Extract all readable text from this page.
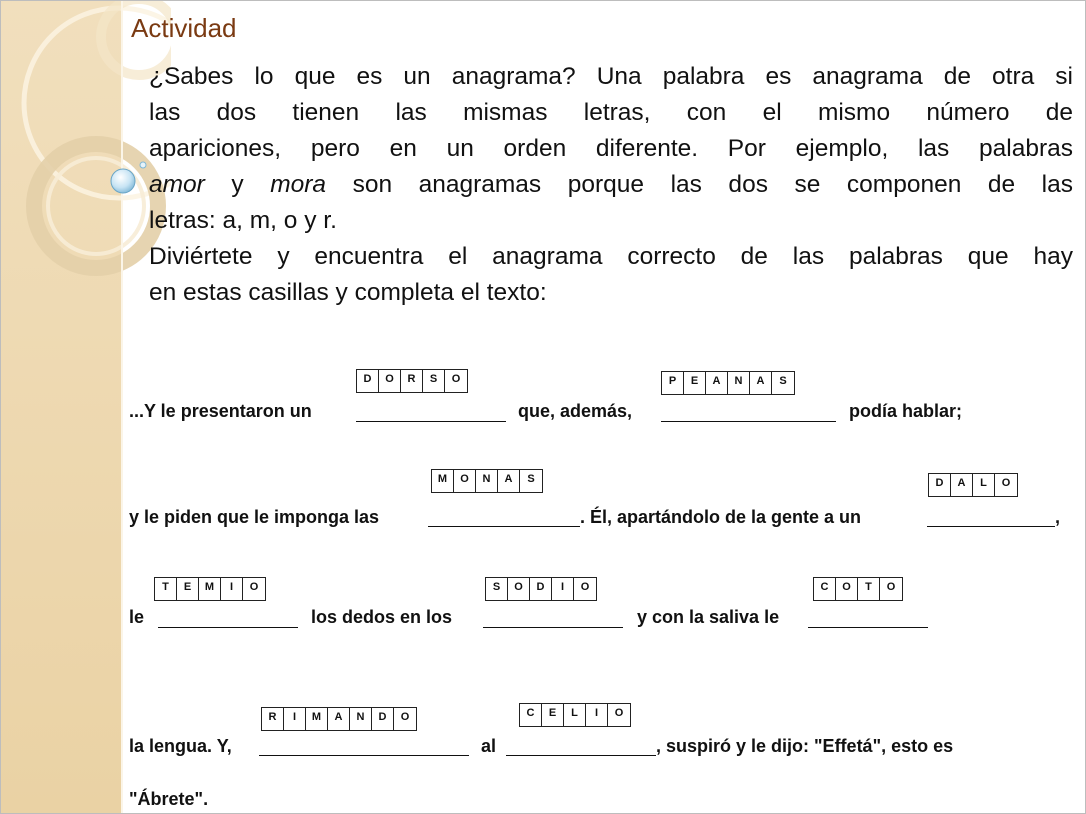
Actividad
¿Sabes lo que es un anagrama? Una palabra es anagrama de otra si
las dos tienen las mismas letras, con el mismo número de
apariciones, pero en un orden diferente. Por ejemplo, las palabras
amor y mora son anagramas porque las dos se componen de las
letras: a, m, o y r.
Diviértete y encuentra el anagrama correcto de las palabras que hay
en estas casillas y completa el texto:
...Y le presentaron un
D	O	R	S	O
que, además,
P	E	A	N	A	S
podía hablar;
y le piden que le imponga las
M	O	N	A	S
. Él, apartándolo de la gente a un
D	A	L	O
,
le
T	E	M	I	O
los dedos en los
S	O	D	I	O
y con la saliva le
C	O	T	O
la lengua. Y,
R	I	M	A	N	D	O
al
C	E	L	I	O
, suspiró y le dijo: "Effetá", esto es
"Ábrete".
